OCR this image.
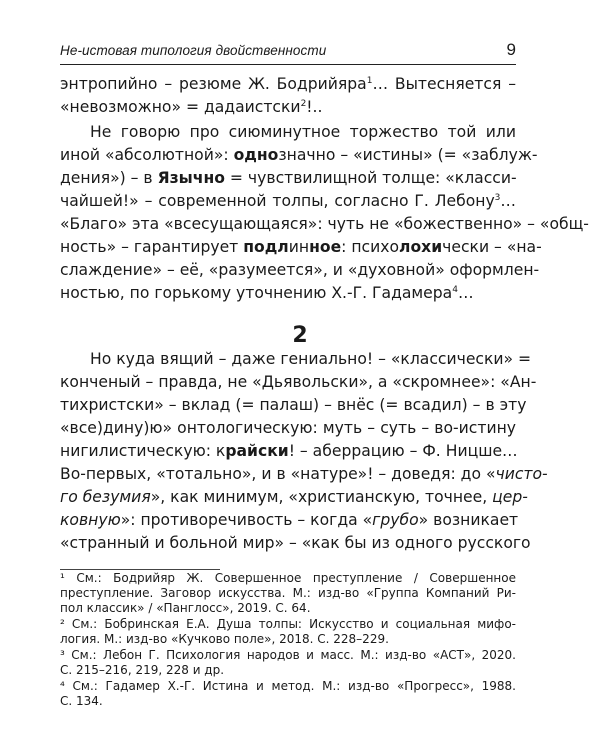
Не-истовая типология двойственности	9

энтропийно – резюме Ж. Бодрийяра$^1$… Вытесняется –
«невозможно» = дадаистски$^2$!..

Не говорю про сиюминутное торжество той или
иной «абсолютной»: однозначно – «истины» (= «заблуж-
дения») – в Язычно = чувствилищной толще: «класси-
чайшей!» – современной толпы, согласно Г. Лебону$^3$…
«Благо» эта «всесущающаяся»: чуть не «божественно» – «общ-
ность» – гарантирует подлинное: психолохически – «на-
слаждение» – её, «разумеется», и «духовной» оформлен-
ностью, по горькому уточнению Х.-Г. Гадамера$^4$…

2

Но куда вящий – даже гениально! – «классически» =
конченый – правда, не «Дьявольски», а «скромнее»: «Ан-
тихристски» – вклад (= палаш) – внёс (= всадил) – в эту
«все)дину)ю» онтологическую: муть – суть – во-истину
нигилистическую: крайски! – аберрацию – Ф. Ницше…
Во-первых, «тотально», и в «натуре»! – доведя: до «чисто-
го безумия», как минимум, «христианскую, точнее, цер-
ковную»: противоречивость – когда «грубо» возникает
«странный и больной мир» – «как бы из одного русского

¹ См.: Бодрийяр Ж. Совершенное преступление / Совершенное
преступление. Заговор искусства. М.: изд-во «Группа Компаний Ри-
пол классик» / «Панглосс», 2019. С. 64.

² См.: Бобринская Е.А. Душа толпы: Искусство и социальная мифо-
логия. М.: изд-во «Кучково поле», 2018. С. 228–229.

³ См.: Лебон Г. Психология народов и масс. М.: изд-во «АСТ», 2020.
С. 215–216, 219, 228 и др.

⁴ См.: Гадамер Х.-Г. Истина и метод. М.: изд-во «Прогресс», 1988.
С. 134.
